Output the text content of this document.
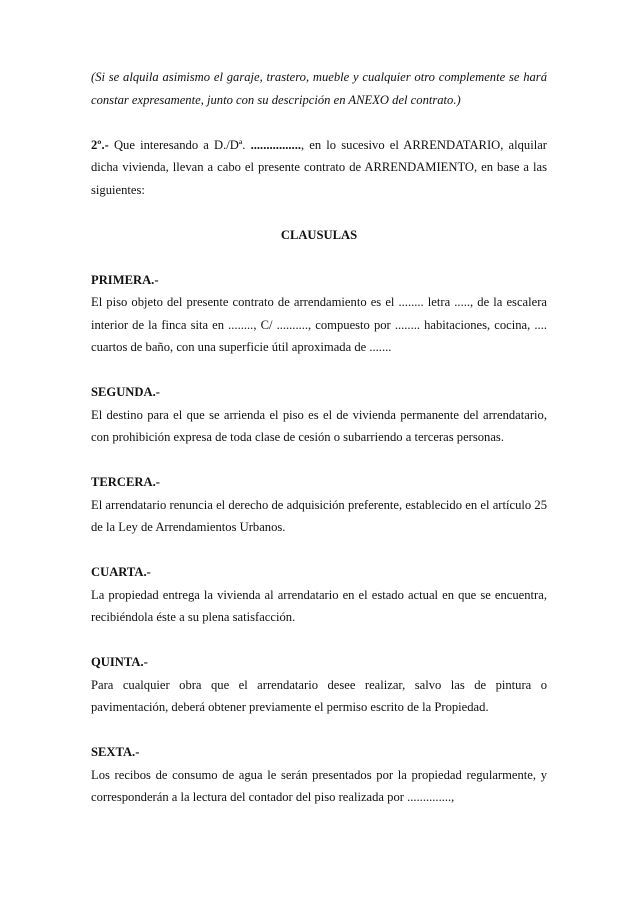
(Si se alquila asimismo el garaje, trastero, mueble y cualquier otro complemente se hará constar expresamente, junto con su descripción en ANEXO del contrato.)

2º.- Que interesando a D./Dª. ................, en lo sucesivo el ARRENDATARIO, alquilar dicha vivienda, llevan a cabo el presente contrato de ARRENDAMIENTO, en base a las siguientes:

CLAUSULAS

PRIMERA.-

El piso objeto del presente contrato de arrendamiento es el ........ letra ....., de la escalera interior de la finca sita en ........, C/ .........., compuesto por ........ habitaciones, cocina, .... cuartos de baño, con una superficie útil aproximada de .......

SEGUNDA.-

El destino para el que se arrienda el piso es el de vivienda permanente del arrendatario, con prohibición expresa de toda clase de cesión o subarriendo a terceras personas.

TERCERA.-

El arrendatario renuncia el derecho de adquisición preferente, establecido en el artículo 25 de la Ley de Arrendamientos Urbanos.

CUARTA.-

La propiedad entrega la vivienda al arrendatario en el estado actual en que se encuentra, recibiéndola éste a su plena satisfacción.

QUINTA.-

Para cualquier obra que el arrendatario desee realizar, salvo las de pintura o pavimentación, deberá obtener previamente el permiso escrito de la Propiedad.

SEXTA.-

Los recibos de consumo de agua le serán presentados por la propiedad regularmente, y corresponderán a la lectura del contador del piso realizada por ..............,
